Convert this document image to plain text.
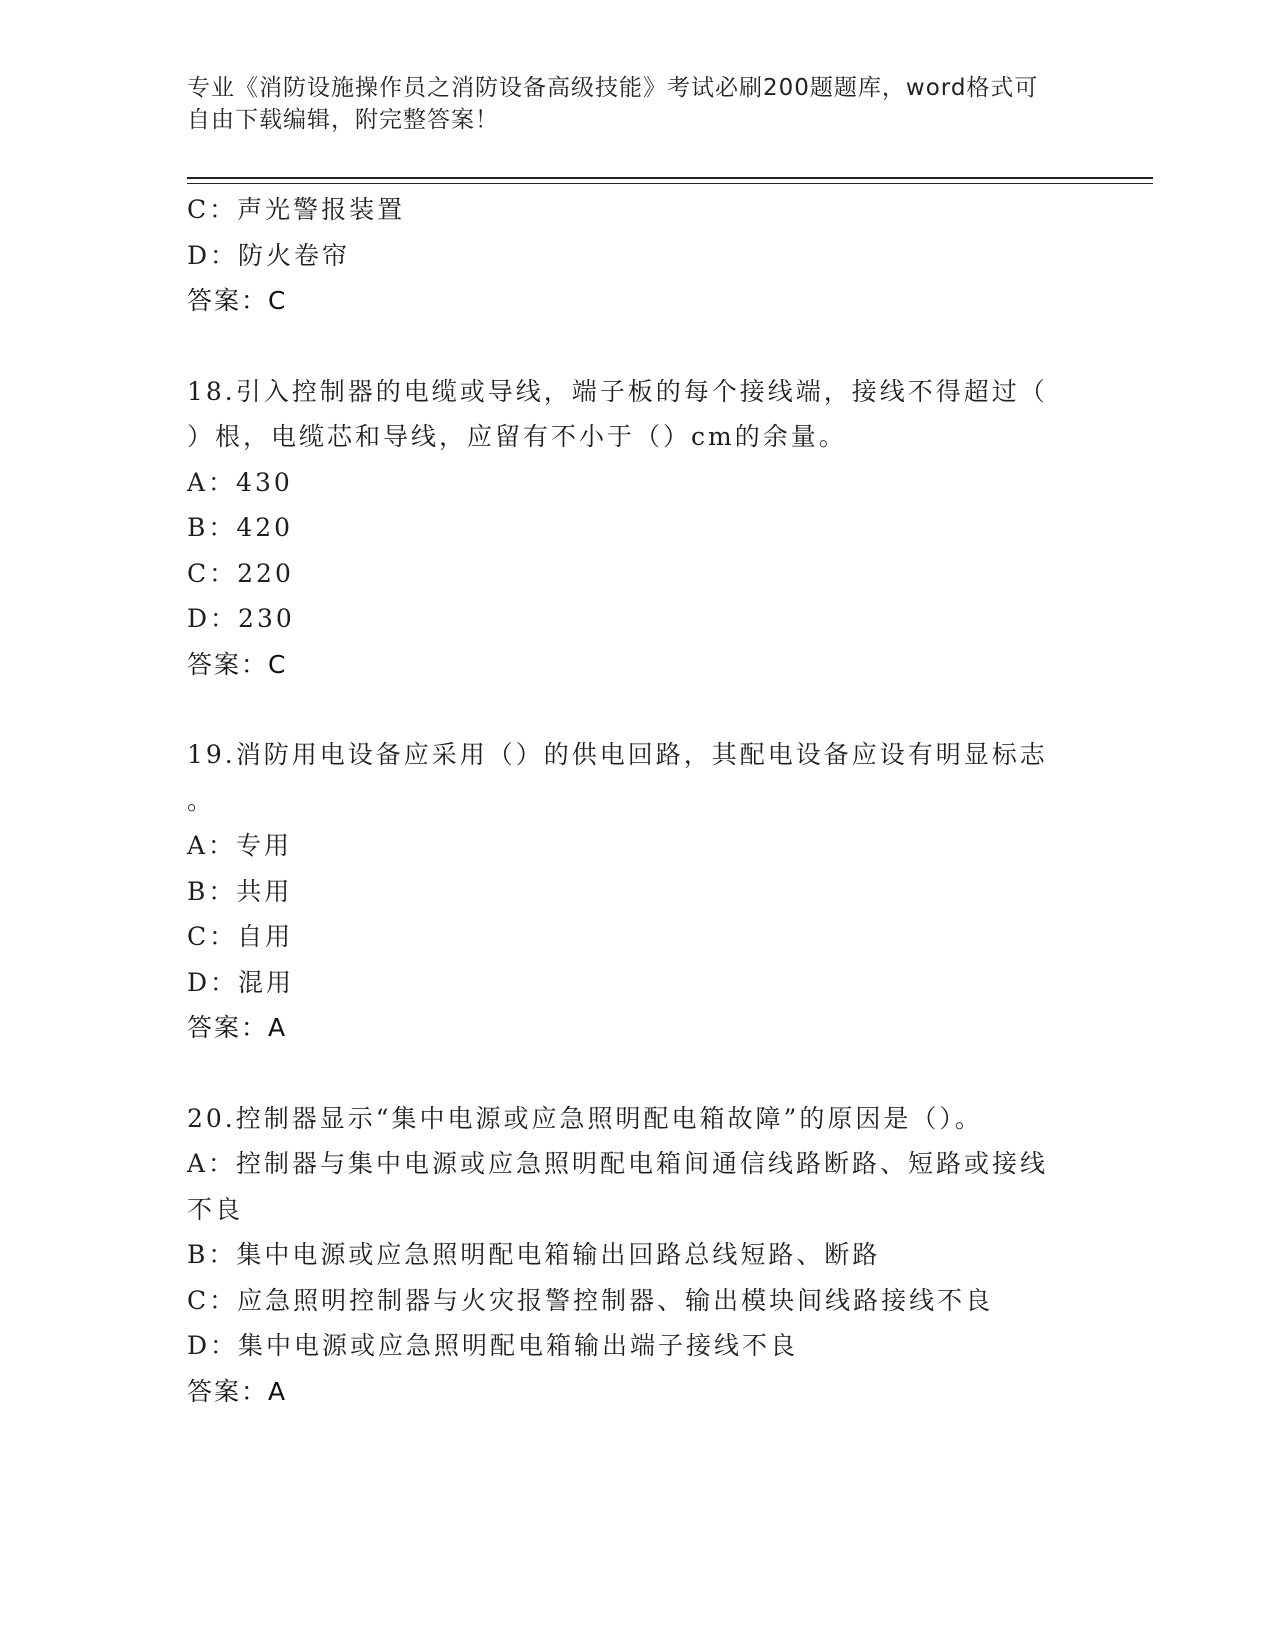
专业《消防设施操作员之消防设备高级技能》考试必刷200题题库，word格式可
自由下载编辑，附完整答案！
C：声光警报装置
D：防火卷帘
答案：C
18.引入控制器的电缆或导线，端子板的每个接线端，接线不得超过（
）根，电缆芯和导线，应留有不小于（）cm的余量。
A：430
B：420
C：220
D：230
答案：C
19.消防用电设备应采用（）的供电回路，其配电设备应设有明显标志
。
A：专用
B：共用
C：自用
D：混用
答案：A
20.控制器显示“集中电源或应急照明配电箱故障”的原因是（）。
A：控制器与集中电源或应急照明配电箱间通信线路断路、短路或接线
不良
B：集中电源或应急照明配电箱输出回路总线短路、断路
C：应急照明控制器与火灾报警控制器、输出模块间线路接线不良
D：集中电源或应急照明配电箱输出端子接线不良
答案：A
